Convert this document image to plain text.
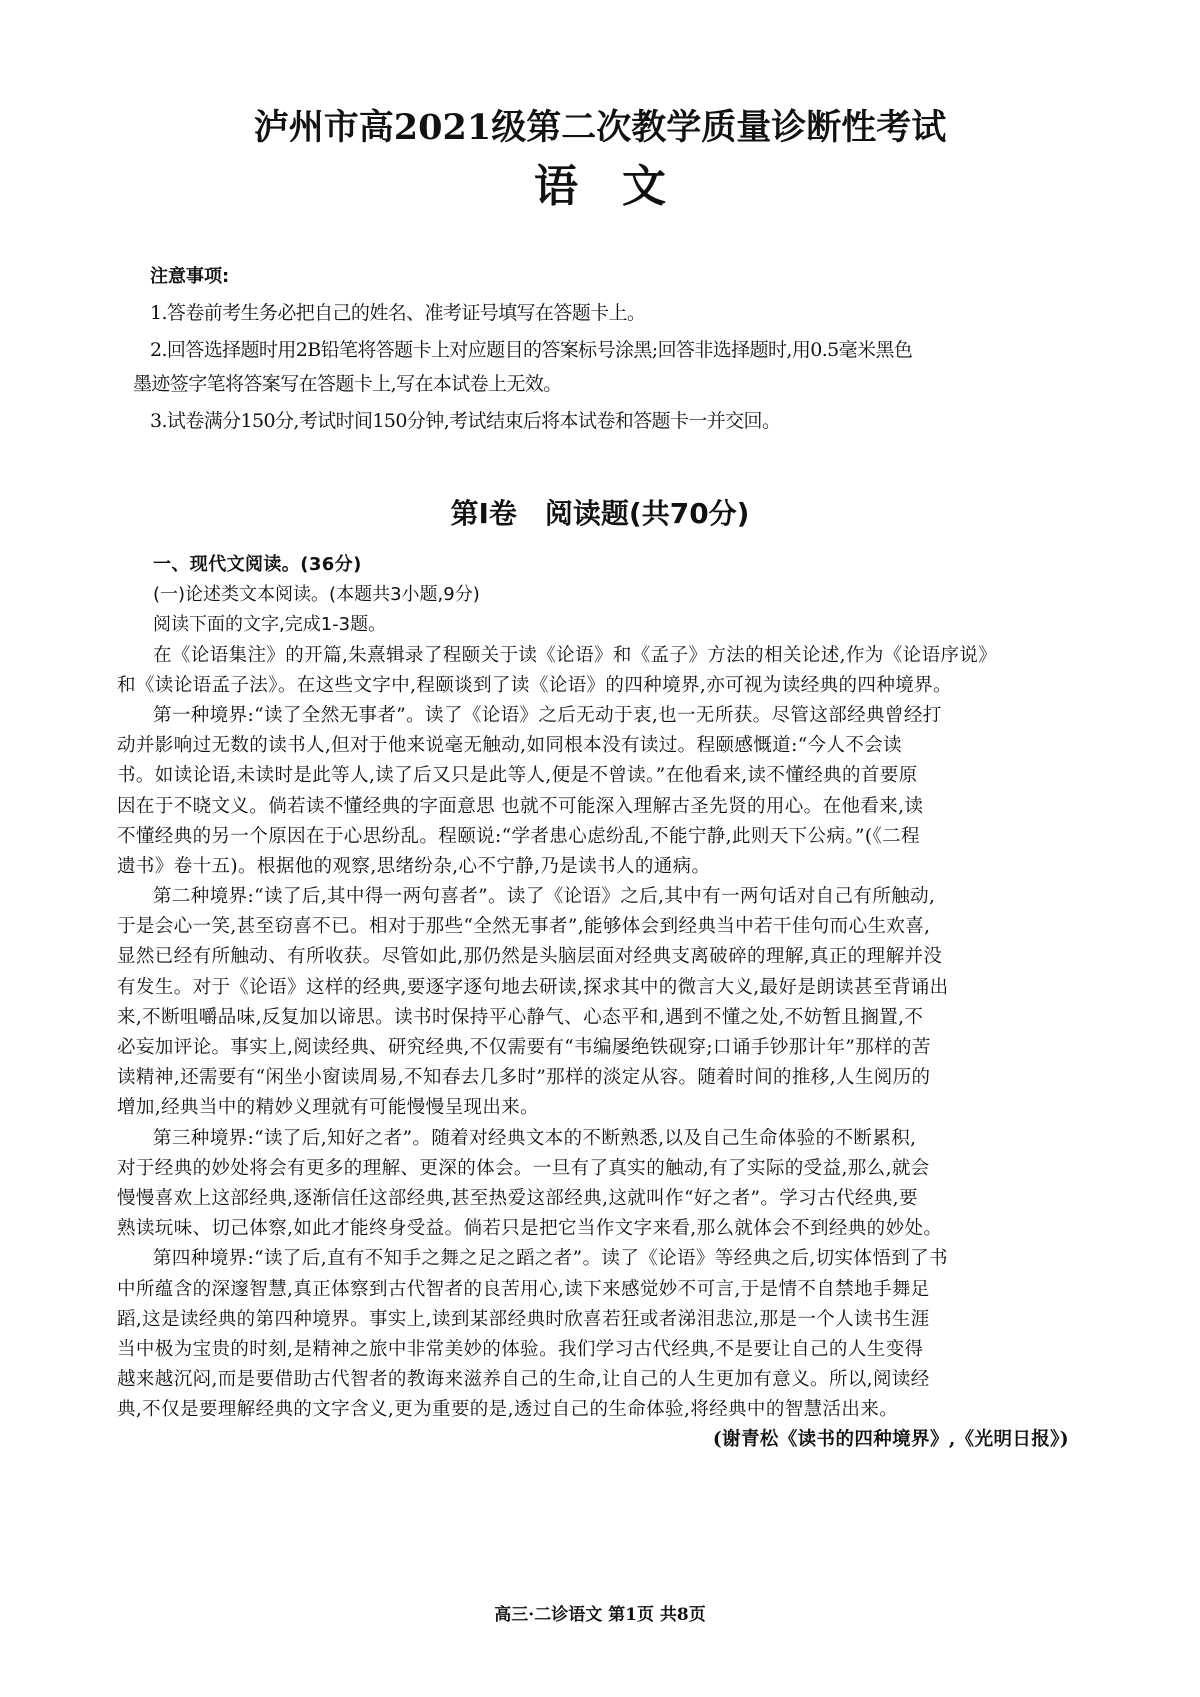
泸州市高2021级第二次教学质量诊断性考试
语　文
注意事项:
1.答卷前考生务必把自己的姓名、准考证号填写在答题卡上。
2.回答选择题时用2B铅笔将答题卡上对应题目的答案标号涂黑;回答非选择题时,用0.5毫米黑色
墨迹签字笔将答案写在答题卡上,写在本试卷上无效。
3.试卷满分150分,考试时间150分钟,考试结束后将本试卷和答题卡一并交回。
第Ⅰ卷　阅读题(共70分)
一、现代文阅读。(36分)
(一)论述类文本阅读。(本题共3小题,9分)
阅读下面的文字,完成1-3题。
在《论语集注》的开篇,朱熹辑录了程颐关于读《论语》和《孟子》方法的相关论述,作为《论语序说》
和《读论语孟子法》。在这些文字中,程颐谈到了读《论语》的四种境界,亦可视为读经典的四种境界。
第一种境界:“读了全然无事者”。读了《论语》之后无动于衷,也一无所获。尽管这部经典曾经打
动并影响过无数的读书人,但对于他来说毫无触动,如同根本没有读过。程颐感慨道:“今人不会读
书。如读论语,未读时是此等人,读了后又只是此等人,便是不曾读。”在他看来,读不懂经典的首要原
因在于不晓文义。倘若读不懂经典的字面意思 也就不可能深入理解古圣先贤的用心。在他看来,读
不懂经典的另一个原因在于心思纷乱。程颐说:“学者患心虑纷乱,不能宁静,此则天下公病。”(《二程
遗书》卷十五)。根据他的观察,思绪纷杂,心不宁静,乃是读书人的通病。
第二种境界:“读了后,其中得一两句喜者”。读了《论语》之后,其中有一两句话对自己有所触动,
于是会心一笑,甚至窃喜不已。相对于那些“全然无事者”,能够体会到经典当中若干佳句而心生欢喜,
显然已经有所触动、有所收获。尽管如此,那仍然是头脑层面对经典支离破碎的理解,真正的理解并没
有发生。对于《论语》这样的经典,要逐字逐句地去研读,探求其中的微言大义,最好是朗读甚至背诵出
来,不断咀嚼品味,反复加以谛思。读书时保持平心静气、心态平和,遇到不懂之处,不妨暂且搁置,不
必妄加评论。事实上,阅读经典、研究经典,不仅需要有“韦编屡绝铁砚穿;口诵手钞那计年”那样的苦
读精神,还需要有“闲坐小窗读周易,不知春去几多时”那样的淡定从容。随着时间的推移,人生阅历的
增加,经典当中的精妙义理就有可能慢慢呈现出来。
第三种境界:“读了后,知好之者”。随着对经典文本的不断熟悉,以及自己生命体验的不断累积,
对于经典的妙处将会有更多的理解、更深的体会。一旦有了真实的触动,有了实际的受益,那么,就会
慢慢喜欢上这部经典,逐渐信任这部经典,甚至热爱这部经典,这就叫作“好之者”。学习古代经典,要
熟读玩味、切己体察,如此才能终身受益。倘若只是把它当作文字来看,那么就体会不到经典的妙处。
第四种境界:“读了后,直有不知手之舞之足之蹈之者”。读了《论语》等经典之后,切实体悟到了书
中所蕴含的深邃智慧,真正体察到古代智者的良苦用心,读下来感觉妙不可言,于是情不自禁地手舞足
蹈,这是读经典的第四种境界。事实上,读到某部经典时欣喜若狂或者涕泪悲泣,那是一个人读书生涯
当中极为宝贵的时刻,是精神之旅中非常美妙的体验。我们学习古代经典,不是要让自己的人生变得
越来越沉闷,而是要借助古代智者的教诲来滋养自己的生命,让自己的人生更加有意义。所以,阅读经
典,不仅是要理解经典的文字含义,更为重要的是,透过自己的生命体验,将经典中的智慧活出来。
(谢青松《读书的四种境界》,《光明日报》)
高三·二诊语文 第1页 共8页
